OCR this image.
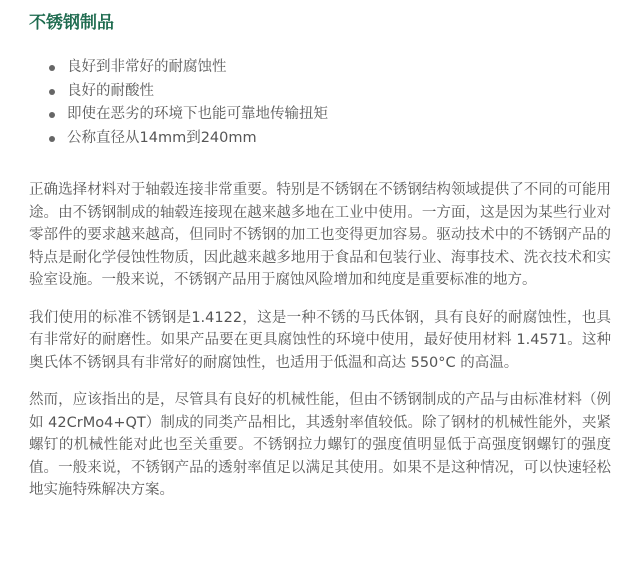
不锈钢制品
良好到非常好的耐腐蚀性
良好的耐酸性
即使在恶劣的环境下也能可靠地传输扭矩
公称直径从14mm到240mm

正确选择材料对于轴毂连接非常重要。特别是不锈钢在不锈钢结构领域提供了不同的可能用途。由不锈钢制成的轴毂连接现在越来越多地在工业中使用。一方面，这是因为某些行业对零部件的要求越来越高，但同时不锈钢的加工也变得更加容易。驱动技术中的不锈钢产品的特点是耐化学侵蚀性物质，因此越来越多地用于食品和包装行业、海事技术、洗衣技术和实验室设施。一般来说，不锈钢产品用于腐蚀风险增加和纯度是重要标准的地方。

我们使用的标准不锈钢是1.4122，这是一种不锈的马氏体钢，具有良好的耐腐蚀性，也具有非常好的耐磨性。如果产品要在更具腐蚀性的环境中使用，最好使用材料 1.4571。这种奥氏体不锈钢具有非常好的耐腐蚀性，也适用于低温和高达 550°C 的高温。

然而，应该指出的是，尽管具有良好的机械性能，但由不锈钢制成的产品与由标准材料（例如 42CrMo4+QT）制成的同类产品相比，其透射率值较低。除了钢材的机械性能外，夹紧螺钉的机械性能对此也至关重要。不锈钢拉力螺钉的强度值明显低于高强度钢螺钉的强度值。一般来说，不锈钢产品的透射率值足以满足其使用。如果不是这种情况，可以快速轻松地实施特殊解决方案。
